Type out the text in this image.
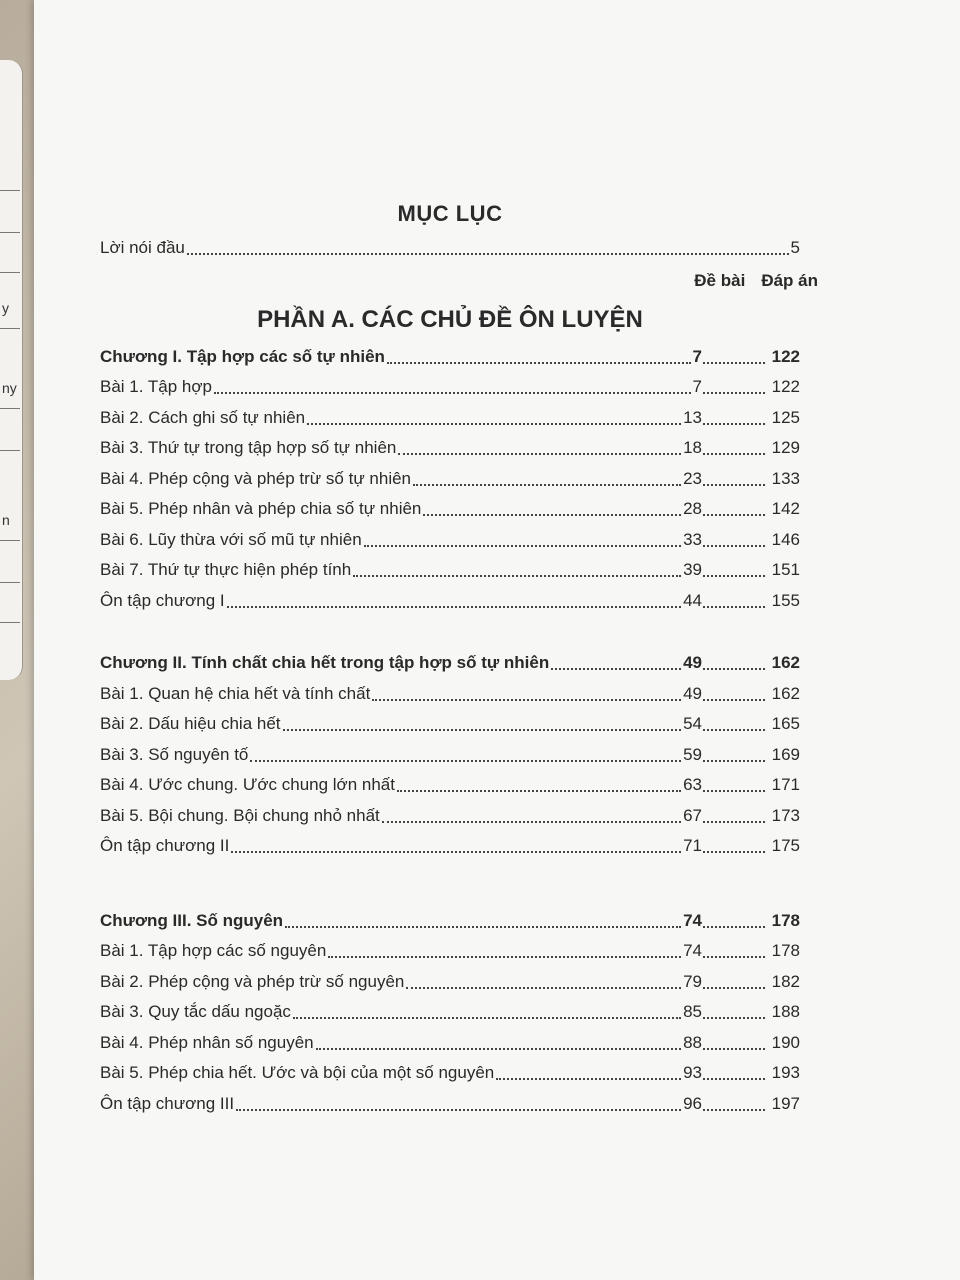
y
ny
n
MỤC LỤC
Lời nói đầu	5
Đề bài Đáp án
PHẦN A. CÁC CHỦ ĐỀ ÔN LUYỆN
Chương I. Tập hợp các số tự nhiên	7	122
Bài 1. Tập hợp	7	122
Bài 2. Cách ghi số tự nhiên	13	125
Bài 3. Thứ tự trong tập hợp số tự nhiên	18	129
Bài 4. Phép cộng và phép trừ số tự nhiên	23	133
Bài 5. Phép nhân và phép chia số tự nhiên	28	142
Bài 6. Lũy thừa với số mũ tự nhiên	33	146
Bài 7. Thứ tự thực hiện phép tính	39	151
Ôn tập chương I	44	155
Chương II. Tính chất chia hết trong tập hợp số tự nhiên	49	162
Bài 1. Quan hệ chia hết và tính chất	49	162
Bài 2. Dấu hiệu chia hết	54	165
Bài 3. Số nguyên tố	59	169
Bài 4. Ước chung. Ước chung lớn nhất	63	171
Bài 5. Bội chung. Bội chung nhỏ nhất	67	173
Ôn tập chương II	71	175
Chương III. Số nguyên	74	178
Bài 1. Tập hợp các số nguyên	74	178
Bài 2. Phép cộng và phép trừ số nguyên	79	182
Bài 3. Quy tắc dấu ngoặc	85	188
Bài 4. Phép nhân số nguyên	88	190
Bài 5. Phép chia hết. Ước và bội của một số nguyên	93	193
Ôn tập chương III	96	197
